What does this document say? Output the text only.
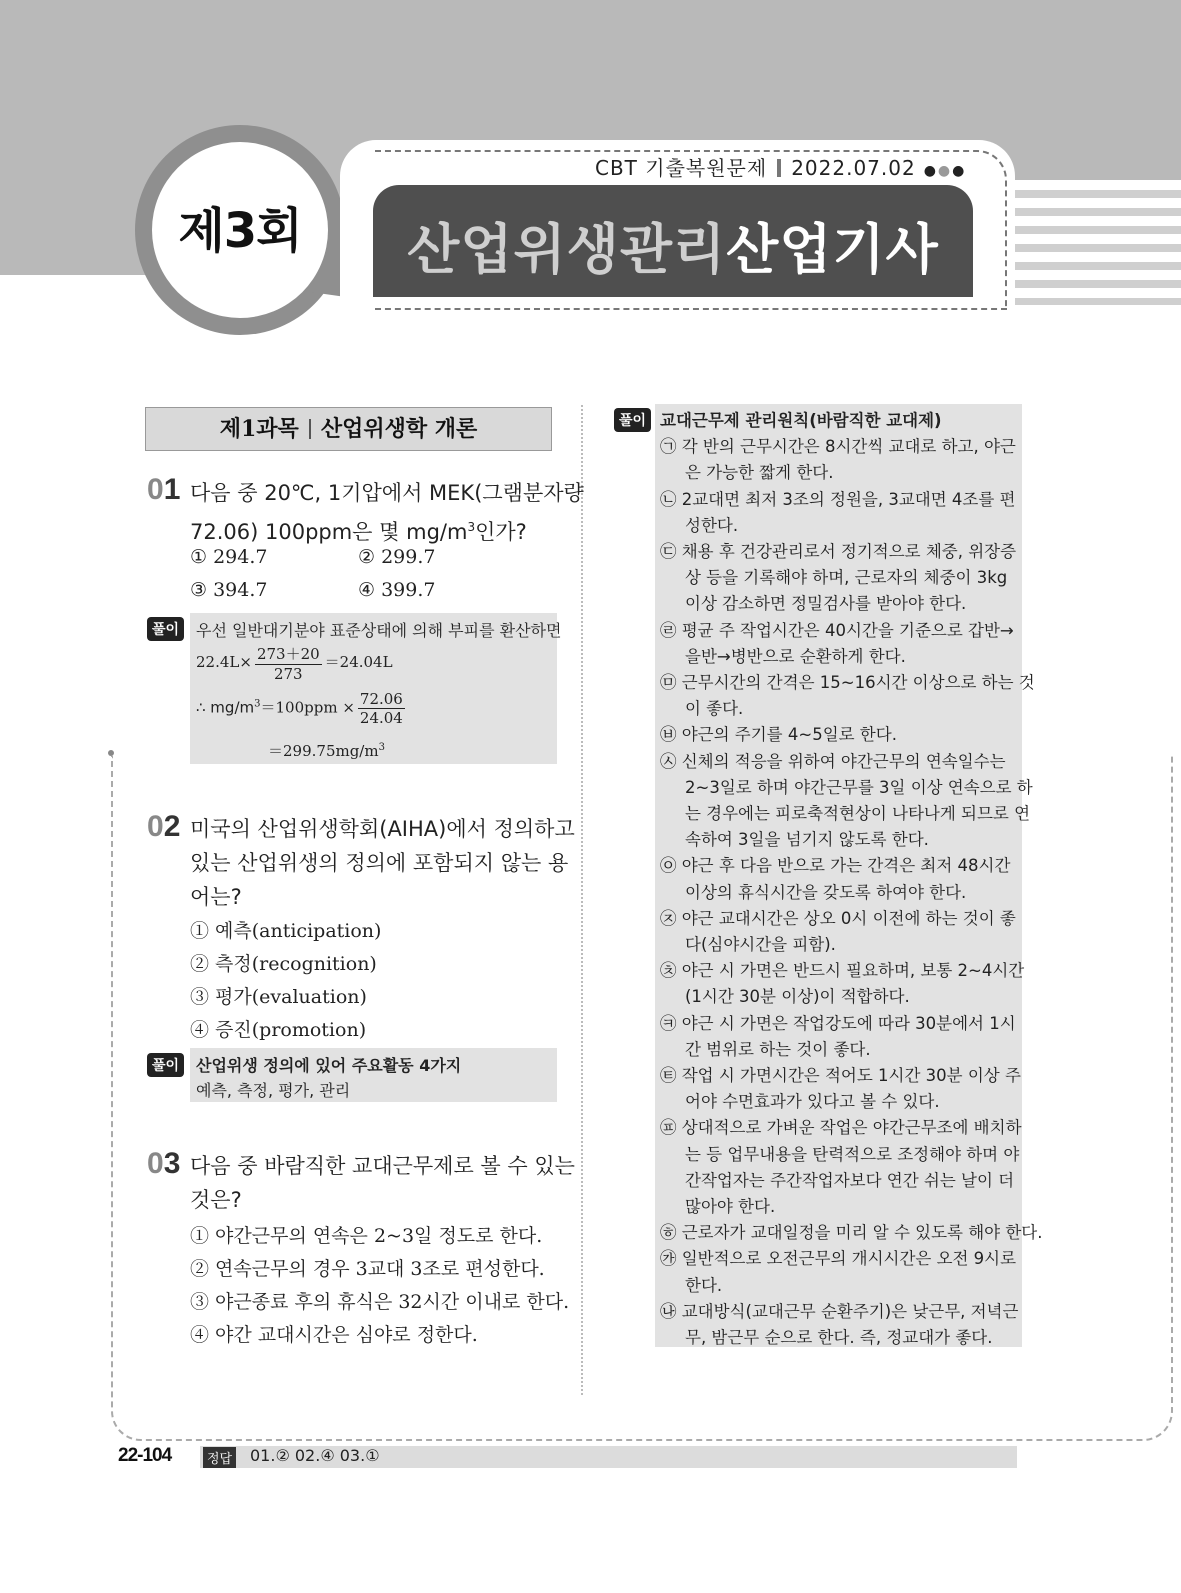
제3회
CBT 기출복원문제 2022.07.02 ●●●
산업위생관리산업기사
제1과목 산업위생학 개론
01 다음 중 20℃, 1기압에서 MEK(그램분자량
72.06) 100ppm은 몇 $mg/m^3$인가?
① 294.7	② 299.7
③ 394.7	④ 399.7
풀이	우선 일반대기분야 표준상태에 의해 부피를 환산하면
$22.4L\times \frac{273+20}{273} =24.04L$
∴ $mg/m^3=100ppm \times \frac{72.06}{24.04}$
$=299.75mg/m^3$
02 미국의 산업위생학회(AIHA)에서 정의하고
있는 산업위생의 정의에 포함되지 않는 용
어는?
① 예측(anticipation)
② 측정(recognition)
③ 평가(evaluation)
④ 증진(promotion)
풀이	산업위생 정의에 있어 주요활동 4가지
예측, 측정, 평가, 관리
03 다음 중 바람직한 교대근무제로 볼 수 있는
것은?
① 야간근무의 연속은 2~3일 정도로 한다.
② 연속근무의 경우 3교대 3조로 편성한다.
③ 야근종료 후의 휴식은 32시간 이내로 한다.
④ 야간 교대시간은 심야로 정한다.
풀이 교대근무제 관리원칙(바람직한 교대제)
㉠ 각 반의 근무시간은 8시간씩 교대로 하고, 야근
은 가능한 짧게 한다.
㉡ 2교대면 최저 3조의 정원을, 3교대면 4조를 편
성한다.
㉢ 채용 후 건강관리로서 정기적으로 체중, 위장증
상 등을 기록해야 하며, 근로자의 체중이 3kg
이상 감소하면 정밀검사를 받아야 한다.
㉣ 평균 주 작업시간은 40시간을 기준으로 갑반→
을반→병반으로 순환하게 한다.
㉤ 근무시간의 간격은 15~16시간 이상으로 하는 것
이 좋다.
㉥ 야근의 주기를 4~5일로 한다.
㉦ 신체의 적응을 위하여 야간근무의 연속일수는
2~3일로 하며 야간근무를 3일 이상 연속으로 하
는 경우에는 피로축적현상이 나타나게 되므로 연
속하여 3일을 넘기지 않도록 한다.
㉧ 야근 후 다음 반으로 가는 간격은 최저 48시간
이상의 휴식시간을 갖도록 하여야 한다.
㉨ 야근 교대시간은 상오 0시 이전에 하는 것이 좋
다(심야시간을 피함).
㉩ 야근 시 가면은 반드시 필요하며, 보통 2~4시간
(1시간 30분 이상)이 적합하다.
㉪ 야근 시 가면은 작업강도에 따라 30분에서 1시
간 범위로 하는 것이 좋다.
㉫ 작업 시 가면시간은 적어도 1시간 30분 이상 주
어야 수면효과가 있다고 볼 수 있다.
㉬ 상대적으로 가벼운 작업은 야간근무조에 배치하
는 등 업무내용을 탄력적으로 조정해야 하며 야
간작업자는 주간작업자보다 연간 쉬는 날이 더
많아야 한다.
㉭ 근로자가 교대일정을 미리 알 수 있도록 해야 한다.
㉮ 일반적으로 오전근무의 개시시간은 오전 9시로
한다.
㉯ 교대방식(교대근무 순환주기)은 낮근무, 저녁근
무, 밤근무 순으로 한다. 즉, 정교대가 좋다.
22-104	정답 01.② 02.④ 03.①
